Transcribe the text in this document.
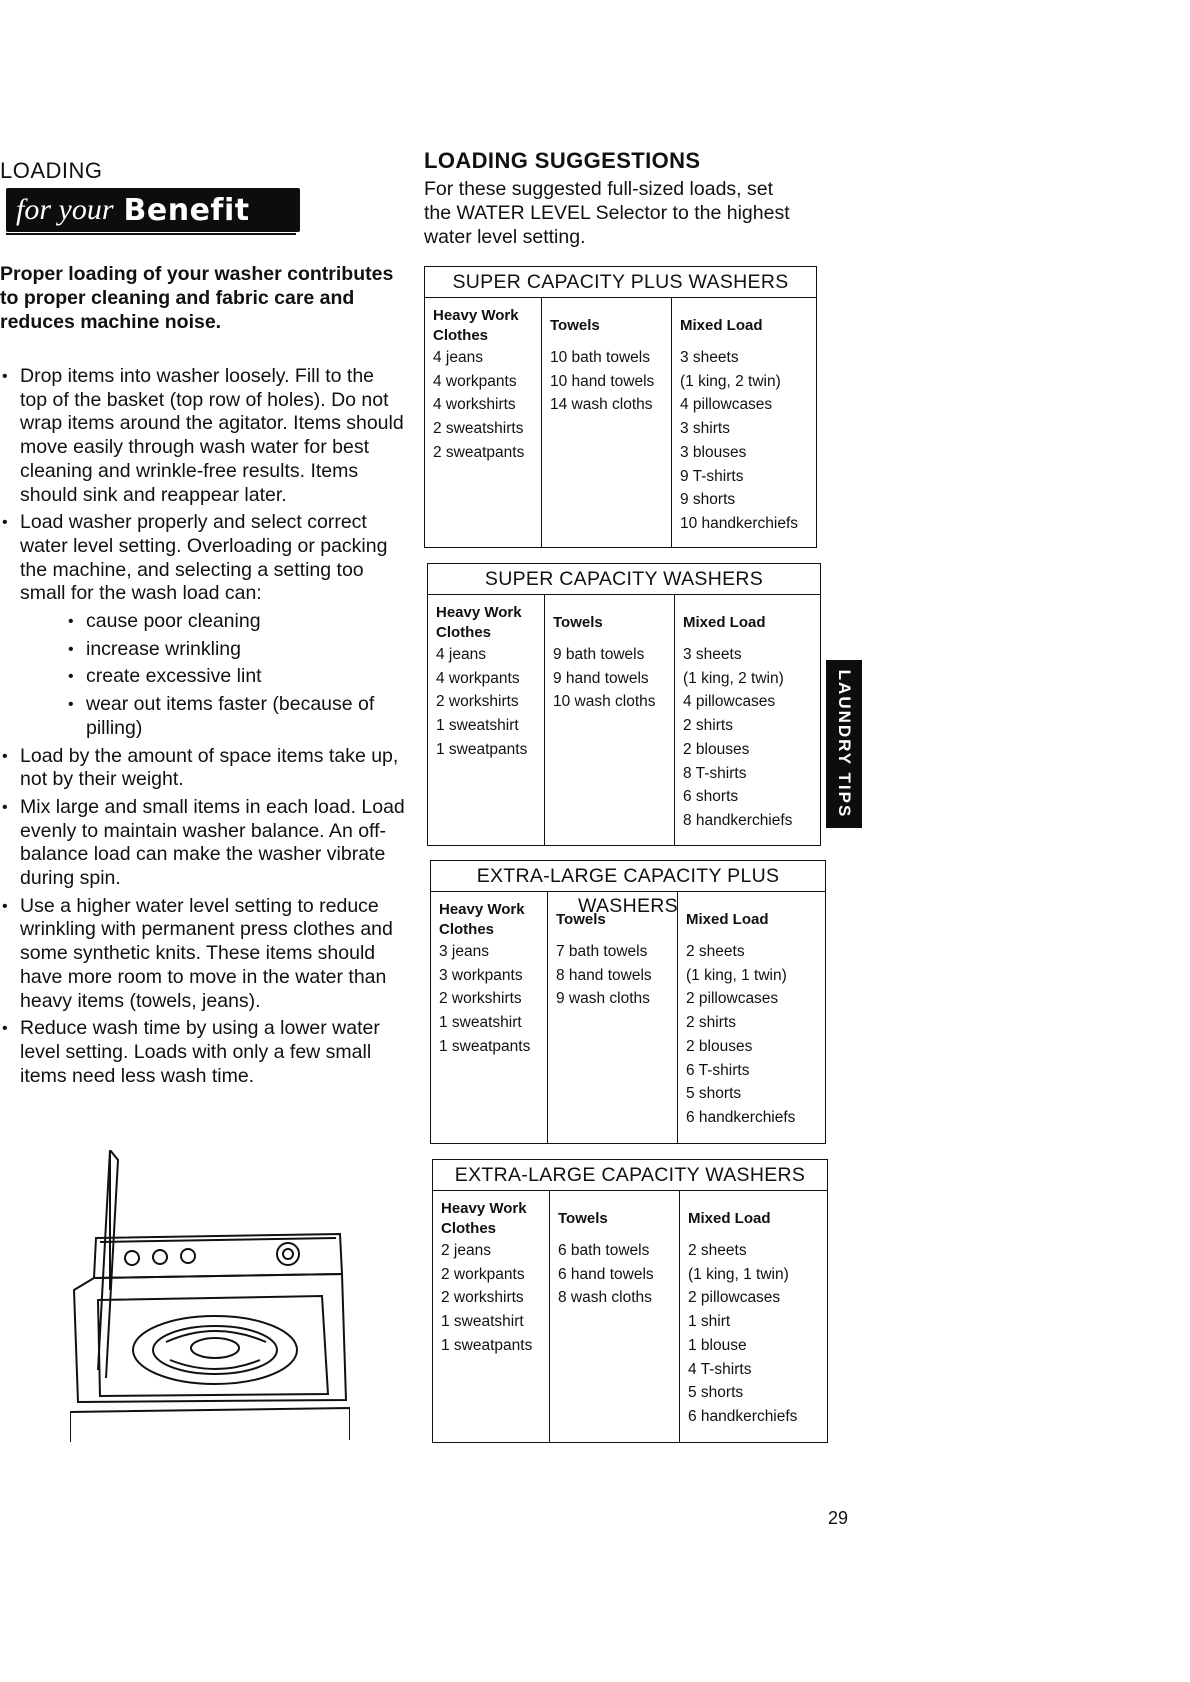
LOADING
for your Benefit
Proper loading of your washer contributes to proper cleaning and fabric care and reduces machine noise.
• Drop items into washer loosely. Fill to the top of the basket (top row of holes). Do not wrap items around the agitator. Items should move easily through wash water for best cleaning and wrinkle-free results. Items should sink and reappear later.
• Load washer properly and select correct water level setting. Overloading or packing the machine, and selecting a setting too small for the wash load can:
• cause poor cleaning
• increase wrinkling
• create excessive lint
• wear out items faster (because of pilling)
• Load by the amount of space items take up, not by their weight.
• Mix large and small items in each load. Load evenly to maintain washer balance. An off-balance load can make the washer vibrate during spin.
• Use a higher water level setting to reduce wrinkling with permanent press clothes and some synthetic knits. These items should have more room to move in the water than heavy items (towels, jeans).
• Reduce wash time by using a lower water level setting. Loads with only a few small items need less wash time.
LOADING SUGGESTIONS
For these suggested full-sized loads, set the WATER LEVEL Selector to the highest water level setting.
SUPER CAPACITY PLUS WASHERS
Heavy Work Clothes
4 jeans
4 workpants
4 workshirts
2 sweatshirts
2 sweatpants
Towels
10 bath towels
10 hand towels
14 wash cloths
Mixed Load
3 sheets
(1 king, 2 twin)
4 pillowcases
3 shirts
3 blouses
9 T-shirts
9 shorts
10 handkerchiefs
SUPER CAPACITY WASHERS
Heavy Work Clothes
4 jeans
4 workpants
2 workshirts
1 sweatshirt
1 sweatpants
Towels
9 bath towels
9 hand towels
10 wash cloths
Mixed Load
3 sheets
(1 king, 2 twin)
4 pillowcases
2 shirts
2 blouses
8 T-shirts
6 shorts
8 handkerchiefs
EXTRA-LARGE CAPACITY PLUS WASHERS
Heavy Work Clothes
3 jeans
3 workpants
2 workshirts
1 sweatshirt
1 sweatpants
Towels
7 bath towels
8 hand towels
9 wash cloths
Mixed Load
2 sheets
(1 king, 1 twin)
2 pillowcases
2 shirts
2 blouses
6 T-shirts
5 shorts
6 handkerchiefs
EXTRA-LARGE CAPACITY WASHERS
Heavy Work Clothes
2 jeans
2 workpants
2 workshirts
1 sweatshirt
1 sweatpants
Towels
6 bath towels
6 hand towels
8 wash cloths
Mixed Load
2 sheets
(1 king, 1 twin)
2 pillowcases
1 shirt
1 blouse
4 T-shirts
5 shorts
6 handkerchiefs
LAUNDRY TIPS
29
